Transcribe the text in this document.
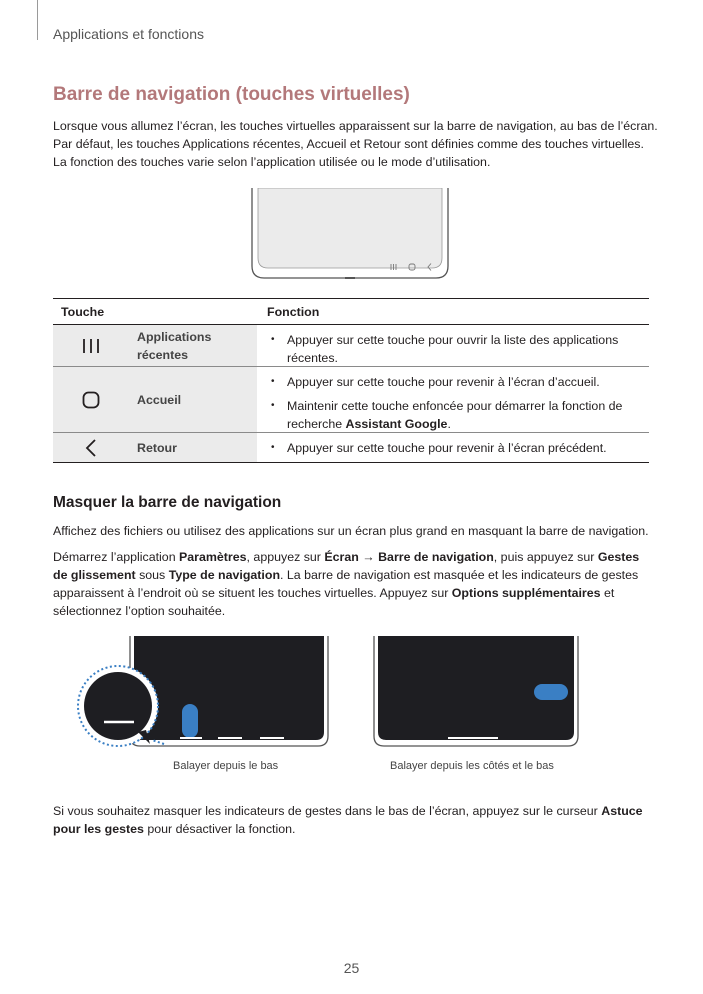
Applications et fonctions
Barre de navigation (touches virtuelles)

Lorsque vous allumez l’écran, les touches virtuelles apparaissent sur la barre de navigation, au bas de l’écran.
Par défaut, les touches Applications récentes, Accueil et Retour sont définies comme des touches virtuelles.
La fonction des touches varie selon l’application utilisée ou le mode d’utilisation.

Touche	Fonction
Applications
récentes
• Appuyer sur cette touche pour ouvrir la liste des applications
récentes.
Accueil
• Appuyer sur cette touche pour revenir à l’écran d’accueil.
• Maintenir cette touche enfoncée pour démarrer la fonction de
recherche Assistant Google.
Retour
•	Appuyer sur cette touche pour revenir à l’écran précédent.
Masquer la barre de navigation

Affichez des fichiers ou utilisez des applications sur un écran plus grand en masquant la barre de navigation.

Démarrez l’application Paramètres, appuyez sur Écran → Barre de navigation, puis appuyez sur Gestes
de glissement sous Type de navigation. La barre de navigation est masquée et les indicateurs de gestes
apparaissent à l’endroit où se situent les touches virtuelles. Appuyez sur Options supplémentaires et
sélectionnez l’option souhaitée.

Balayer depuis le bas	Balayer depuis les côtés et le bas

Si vous souhaitez masquer les indicateurs de gestes dans le bas de l’écran, appuyez sur le curseur Astuce
pour les gestes pour désactiver la fonction.

25
